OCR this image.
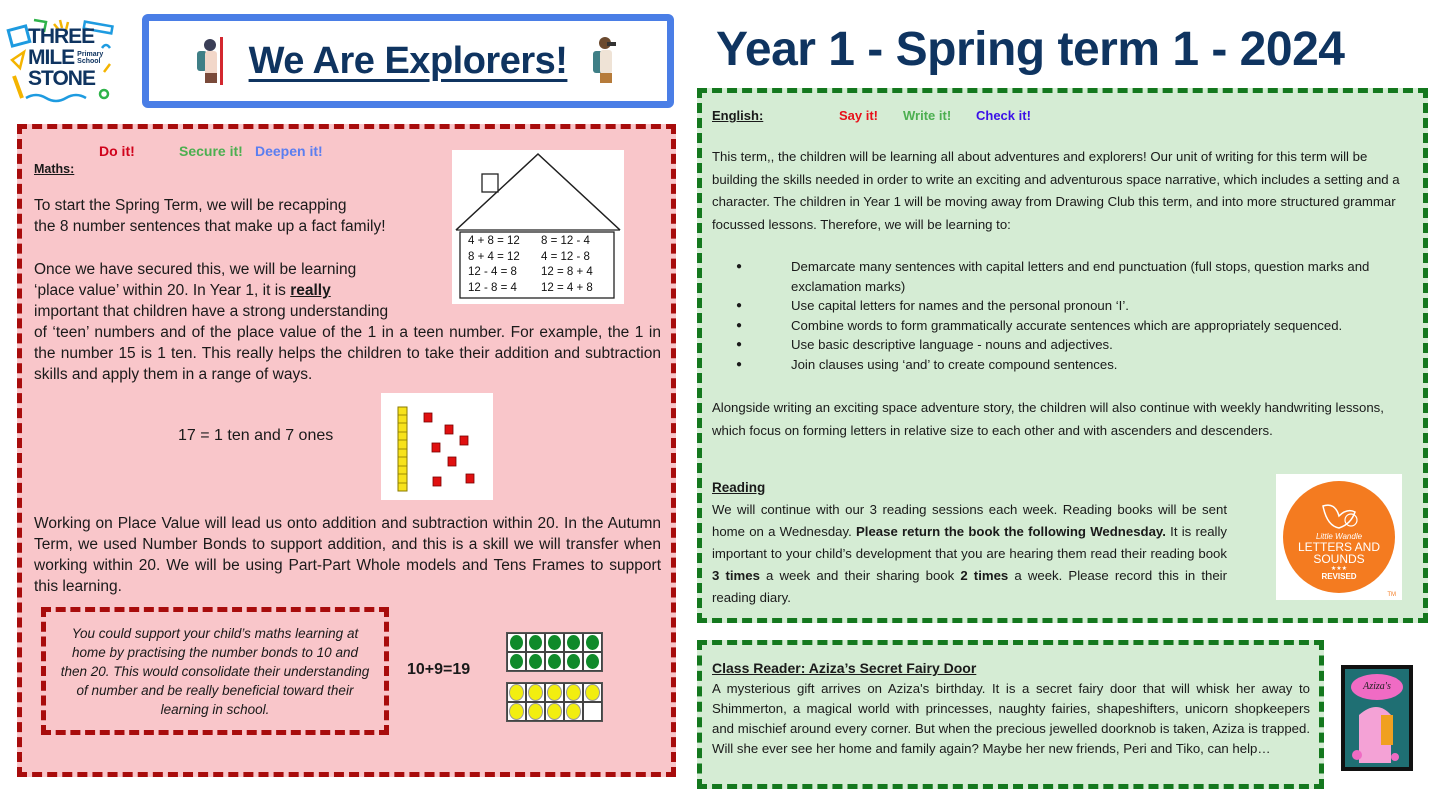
THREE
MILE Primary
School
STONE	We Are Explorers!	Year 1 - Spring term 1 - 2024
Do it!	Secure it! Deepen it!
Maths:
To start the Spring Term, we will be recapping
the 8 number sentences that make up a fact family!
Once we have secured this, we will be learning
‘place value’ within 20. In Year 1, it is really
important that children have a strong understanding
of ‘teen’ numbers and of the place value of the 1 in a teen number. For example, the 1 in the number 15 is 1 ten. This really helps the children to take their addition and subtraction skills and apply them in a range of ways.
4 + 8 = 12	8 = 12 - 4
8 + 4 = 12	4 = 12 - 8
12 - 4 = 8	12 = 8 + 4
12 - 8 = 4	12 = 4 + 8
17 = 1 ten and 7 ones
Working on Place Value will lead us onto addition and subtraction within 20. In the Autumn Term, we used Number Bonds to support addition, and this is a skill we will transfer when working within 20. We will be using Part-Part Whole models and Tens Frames to support this learning.
You could support your child’s maths learning at home by practising the number bonds to 10 and then 20. This would consolidate their understanding of number and be really beneficial toward their learning in school.
10+9=19
English:	Say it! Write it! Check it!
This term,, the children will be learning all about adventures and explorers! Our unit of writing for this term will be building the skills needed in order to write an exciting and adventurous space narrative, which includes a setting and a character. The children in Year 1 will be moving away from Drawing Club this term, and into more structured grammar focussed lessons. Therefore, we will be learning to:
● Demarcate many sentences with capital letters and end punctuation (full stops, question marks and exclamation marks)
● Use capital letters for names and the personal pronoun ‘I’.
● Combine words to form grammatically accurate sentences which are appropriately sequenced.
● Use basic descriptive language - nouns and adjectives.
● Join clauses using ‘and’ to create compound sentences.
Alongside writing an exciting space adventure story, the children will also continue with weekly handwriting lessons, which focus on forming letters in relative size to each other and with ascenders and descenders.
Reading
We will continue with our 3 reading sessions each week. Reading books will be sent home on a Wednesday. Please return the book the following Wednesday. It is really important to your child’s development that you are hearing them read their reading book 3 times a week and their sharing book 2 times a week. Please record this in their reading diary.
Little Wandle
LETTERS AND
SOUNDS
★★★
REVISED
TM
Class Reader: Aziza’s Secret Fairy Door
A mysterious gift arrives on Aziza's birthday. It is a secret fairy door that will whisk her away to Shimmerton, a magical world with princesses, naughty fairies, shapeshifters, unicorn shopkeepers and mischief around every corner. But when the precious jewelled doorknob is taken, Aziza is trapped. Will she ever see her home and family again? Maybe her new friends, Peri and Tiko, can help…
Aziza's
